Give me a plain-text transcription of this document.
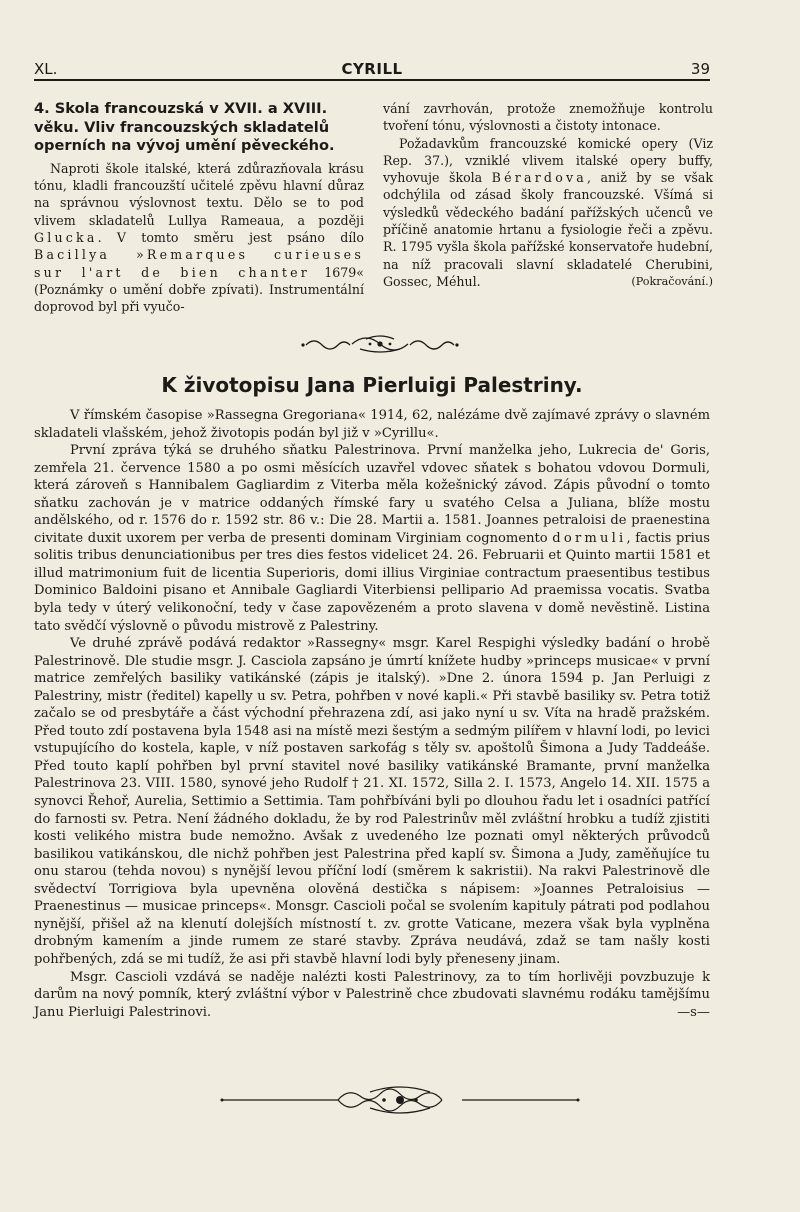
XL.	CYRILL	39
4. Skola francouzská v XVII. a XVIII. věku. Vliv francouzských skladatelů operních na vývoj umění pěveckého.

Naproti škole italské, která zdůrazňovala krásu tónu, kladli francouzští učitelé zpěvu hlavní důraz na správnou výslovnost textu. Dělo se to pod vlivem skladatelů Lullya Rameaua, a později Glucka. V tomto směru jest psáno dílo Bacillya »Remarques curieuses sur l'art de bien chanter 1679« (Poznámky o umění dobře zpívati). Instrumentální doprovod byl při vyučo-

vání zavrhován, protože znemožňuje kontrolu tvoření tónu, výslovnosti a čistoty intonace.

Požadavkům francouzské komické opery (Viz Rep. 37.), vzniklé vlivem italské opery buffy, vyhovuje škola Bérardova, aniž by se však odchýlila od zásad školy francouzské. Všímá si výsledků vědeckého badání pařížských učenců ve příčině anatomie hrtanu a fysiologie řeči a zpěvu. R. 1795 vyšla škola pařížské konservatoře hudební, na níž pracovali slavní skladatelé Cherubini, Gossec, Méhul.	(Pokračování.)
K životopisu Jana Pierluigi Palestriny.

V římském časopise »Rassegna Gregoriana« 1914, 62, nalézáme dvě zajímavé zprávy o slavném skladateli vlašském, jehož životopis podán byl již v »Cyrillu«.

První zpráva týká se druhého sňatku Palestrinova. První manželka jeho, Lukrecia de' Goris, zemřela 21. července 1580 a po osmi měsících uzavřel vdovec sňatek s bohatou vdovou Dormuli, která zároveň s Hannibalem Gagliardim z Viterba měla kožešnický závod. Zápis původní o tomto sňatku zachován je v matrice oddaných římské fary u svatého Celsa a Juliana, blíže mostu andělského, od r. 1576 do r. 1592 str. 86 v.: Die 28. Martii a. 1581. Joannes petraloisi de praenestina civitate duxit uxorem per verba de presenti dominam Virginiam cognomento dormuli, factis prius solitis tribus denunciationibus per tres dies festos videlicet 24. 26. Februarii et Quinto martii 1581 et illud matrimonium fuit de licentia Superioris, domi illius Virginiae contractum praesentibus testibus Dominico Baldoini pisano et Annibale Gagliardi Viterbiensi pellipario Ad praemissa vocatis. Svatba byla tedy v úterý velikonoční, tedy v čase zapovězeném a proto slavena v domě nevěstině. Listina tato svědčí výslovně o původu mistrově z Palestriny.

Ve druhé zprávě podává redaktor »Rassegny« msgr. Karel Respighi výsledky badání o hrobě Palestrinově. Dle studie msgr. J. Casciola zapsáno je úmrtí knížete hudby »princeps musicae« v první matrice zemřelých basiliky vatikánské (zápis je italský). »Dne 2. února 1594 p. Jan Perluigi z Palestriny, mistr (ředitel) kapelly u sv. Petra, pohřben v nové kapli.« Při stavbě basiliky sv. Petra totiž začalo se od presbytáře a část východní přehrazena zdí, asi jako nyní u sv. Víta na hradě pražském. Před touto zdí postavena byla 1548 asi na místě mezi šestým a sedmým pilířem v hlavní lodi, po levici vstupujícího do kostela, kaple, v níž postaven sarkofág s těly sv. apoštolů Šimona a Judy Taddeáše. Před touto kaplí pohřben byl první stavitel nové basiliky vatikánské Bramante, první manželka Palestrinova 23. VIII. 1580, synové jeho Rudolf † 21. XI. 1572, Silla 2. I. 1573, Angelo 14. XII. 1575 a synovci Řehoř, Aurelia, Settimio a Settimia. Tam pohřbíváni byli po dlouhou řadu let i osadníci patřící do farnosti sv. Petra. Není žádného dokladu, že by rod Palestrinův měl zvláštní hrobku a tudíž zjistiti kosti velikého mistra bude nemožno. Avšak z uvedeného lze poznati omyl některých průvodců basilikou vatikánskou, dle nichž pohřben jest Palestrina před kaplí sv. Šimona a Judy, zaměňujíce tu onu starou (tehda novou) s nynější levou příční lodí (směrem k sakristii). Na rakvi Palestrinově dle svědectví Torrigiova byla upevněna olověná destička s nápisem: »Joannes Petraloisius — Praenestinus — musicae princeps«. Monsgr. Cascioli počal se svolením kapituly pátrati pod podlahou nynější, přišel až na klenutí dolejších místností t. zv. grotte Vaticane, mezera však byla vyplněna drobným kamením a jinde rumem ze staré stavby. Zpráva neudává, zdaž se tam našly kosti pohřbených, zdá se mi tudíž, že asi při stavbě hlavní lodi byly přeneseny jinam.

Msgr. Cascioli vzdává se naděje nalézti kosti Palestrinovy, za to tím horlivěji povzbuzuje k darům na nový pomník, který zvláštní výbor v Palestrině chce zbudovati slavnému rodáku tamějšímu Janu Pierluigi Palestrinovi.	—s—
